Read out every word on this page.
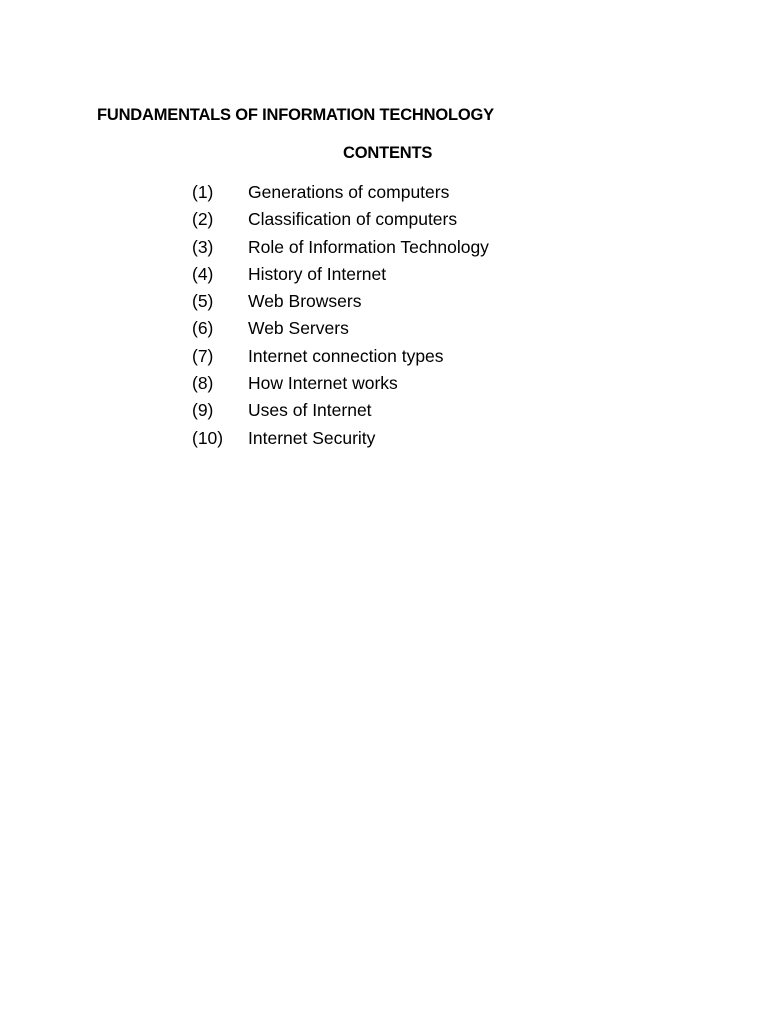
FUNDAMENTALS OF INFORMATION TECHNOLOGY
CONTENTS
(1) Generations of computers
(2) Classification of computers
(3) Role of Information Technology
(4) History of Internet
(5) Web Browsers
(6) Web Servers
(7) Internet connection types
(8) How Internet works
(9) Uses of Internet
(10) Internet Security
